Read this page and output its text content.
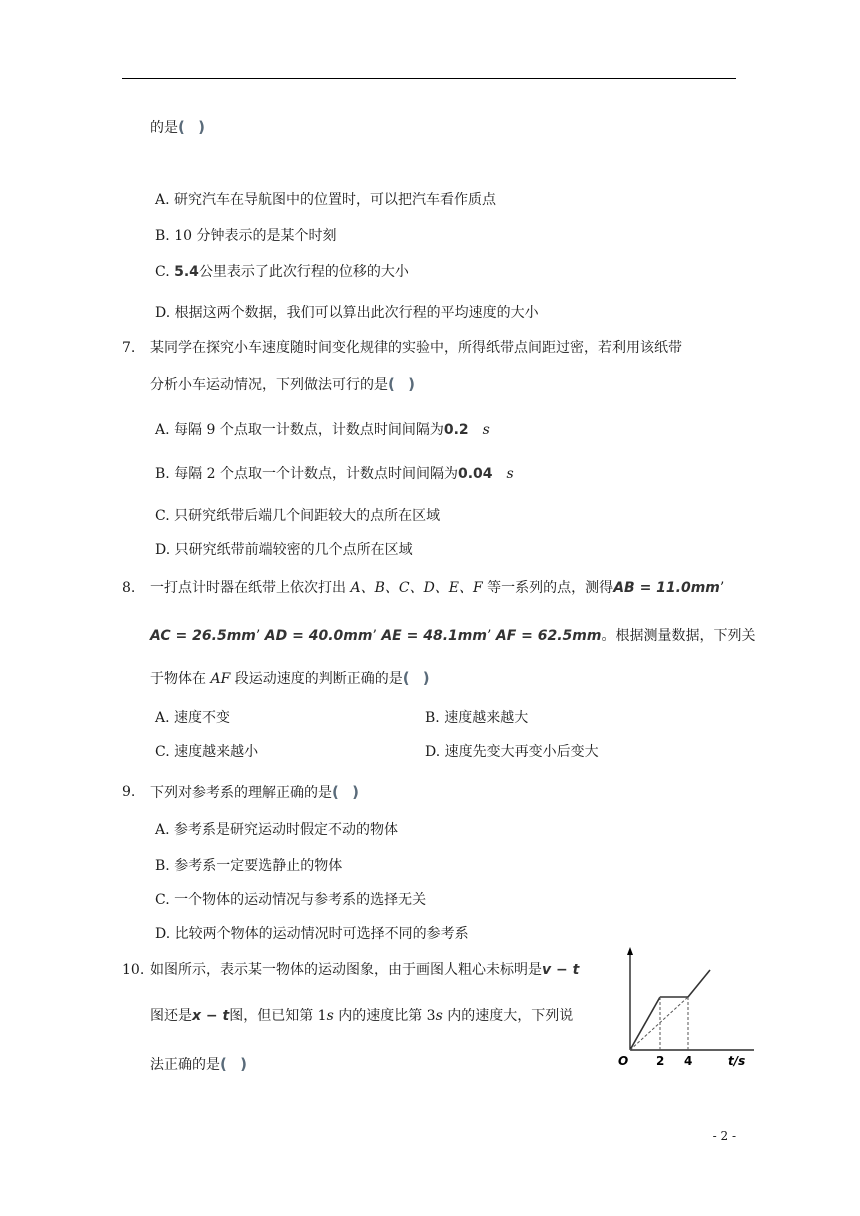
的是( )
A. 研究汽车在导航图中的位置时，可以把汽车看作质点
B. 10 分钟表示的是某个时刻
C. 5.4公里表示了此次行程的位移的大小
D. 根据这两个数据，我们可以算出此次行程的平均速度的大小
7. 某同学在探究小车速度随时间变化规律的实验中，所得纸带点间距过密，若利用该纸带
分析小车运动情况，下列做法可行的是( )
A. 每隔 9 个点取一计数点，计数点时间间隔为0.2 s
B. 每隔 2 个点取一个计数点，计数点时间间隔为0.04 s
C. 只研究纸带后端几个间距较大的点所在区域
D. 只研究纸带前端较密的几个点所在区域
8. 一打点计时器在纸带上依次打出 A、B、C、D、E、F 等一系列的点，测得AB = 11.0mm’
AC = 26.5mm’ AD = 40.0mm’ AE = 48.1mm’ AF = 62.5mm。根据测量数据，下列关
于物体在 AF 段运动速度的判断正确的是( )
A. 速度不变	B. 速度越来越大
C. 速度越来越小	D. 速度先变大再变小后变大
9. 下列对参考系的理解正确的是( )
A. 参考系是研究运动时假定不动的物体
B. 参考系一定要选静止的物体
C. 一个物体的运动情况与参考系的选择无关
D. 比较两个物体的运动情况时可选择不同的参考系
10. 如图所示，表示某一物体的运动图象，由于画图人粗心未标明是v − t
图还是x − t图，但已知第 1s 内的速度比第 3s 内的速度大，下列说
法正确的是( )	O 2 4	t/s
- 2 -
